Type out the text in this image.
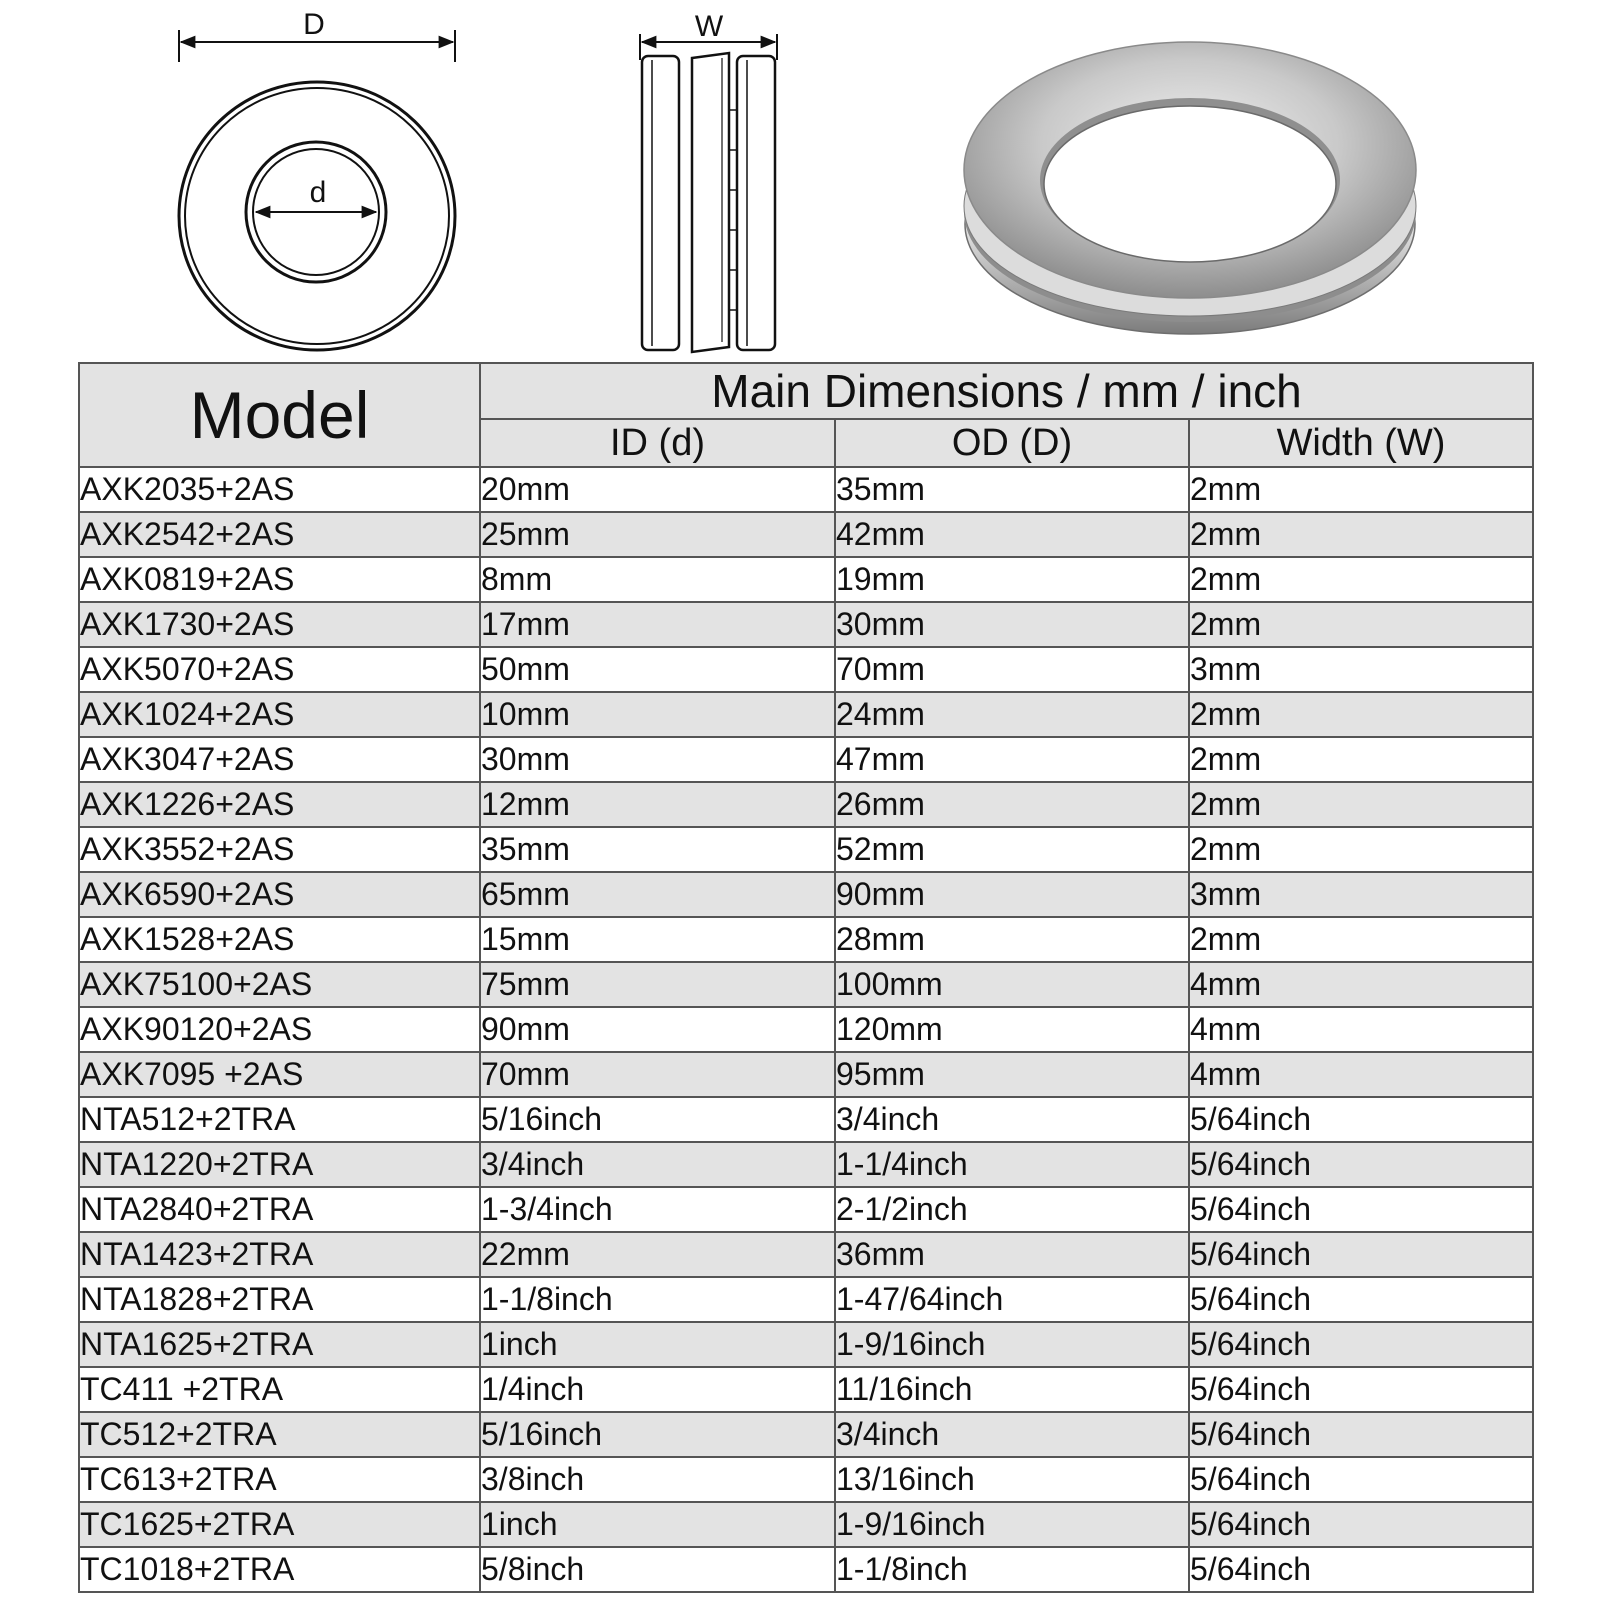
D
d
W
Model	Main Dimensions / mm / inch		
	ID (d)	OD (D)	Width (W)
AXK2035+2AS	20mm	35mm	2mm
AXK2542+2AS	25mm	42mm	2mm
AXK0819+2AS	8mm	19mm	2mm
AXK1730+2AS	17mm	30mm	2mm
AXK5070+2AS	50mm	70mm	3mm
AXK1024+2AS	10mm	24mm	2mm
AXK3047+2AS	30mm	47mm	2mm
AXK1226+2AS	12mm	26mm	2mm
AXK3552+2AS	35mm	52mm	2mm
AXK6590+2AS	65mm	90mm	3mm
AXK1528+2AS	15mm	28mm	2mm
AXK75100+2AS	75mm	100mm	4mm
AXK90120+2AS	90mm	120mm	4mm
AXK7095 +2AS	70mm	95mm	4mm
NTA512+2TRA	5/16inch	3/4inch	5/64inch
NTA1220+2TRA	3/4inch	1-1/4inch	5/64inch
NTA2840+2TRA	1-3/4inch	2-1/2inch	5/64inch
NTA1423+2TRA	22mm	36mm	5/64inch
NTA1828+2TRA	1-1/8inch	1-47/64inch	5/64inch
NTA1625+2TRA	1inch	1-9/16inch	5/64inch
TC411 +2TRA	1/4inch	11/16inch	5/64inch
TC512+2TRA	5/16inch	3/4inch	5/64inch
TC613+2TRA	3/8inch	13/16inch	5/64inch
TC1625+2TRA	1inch	1-9/16inch	5/64inch
TC1018+2TRA	5/8inch	1-1/8inch	5/64inch
